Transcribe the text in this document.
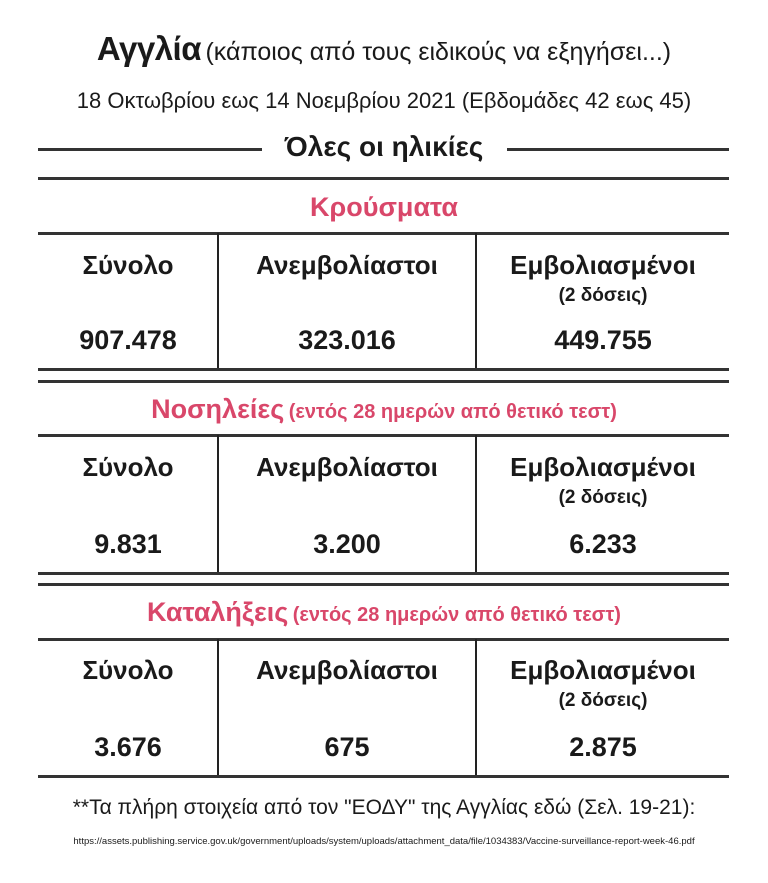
Αγγλία (κάποιος από τους ειδικούς να εξηγήσει...)
18 Οκτωβρίου εως 14 Νοεμβρίου 2021 (Εβδομάδες 42 εως 45)
Όλες οι ηλικίες
Κρούσματα
Σύνολο	Ανεμβολίαστοι	Εμβολιασμένοι
(2 δόσεις)
907.478	323.016	449.755
Νοσηλείες (εντός 28 ημερών από θετικό τεστ)
Σύνολο	Ανεμβολίαστοι	Εμβολιασμένοι
(2 δόσεις)
9.831	3.200	6.233
Καταλήξεις (εντός 28 ημερών από θετικό τεστ)
Σύνολο	Ανεμβολίαστοι	Εμβολιασμένοι
(2 δόσεις)
3.676	675	2.875
**Τα πλήρη στοιχεία από τον "ΕΟΔΥ" της Αγγλίας εδώ (Σελ. 19-21):
https://assets.publishing.service.gov.uk/government/uploads/system/uploads/attachment_data/file/1034383/Vaccine-surveillance-report-week-46.pdf
